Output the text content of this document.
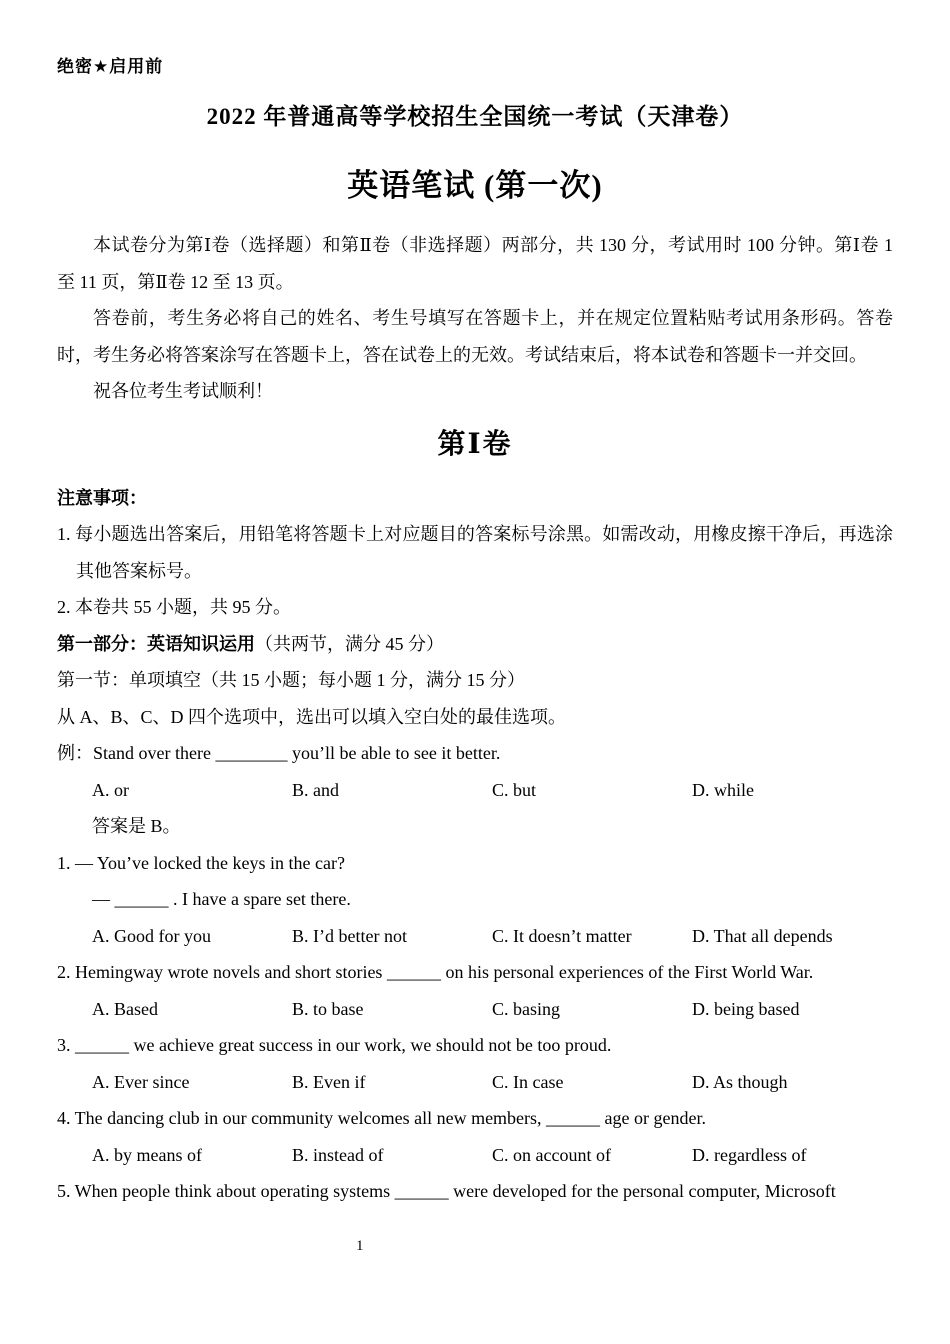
绝密★启用前
2022 年普通高等学校招生全国统一考试（天津卷）
英语笔试 (第一次)

本试卷分为第Ⅰ卷（选择题）和第Ⅱ卷（非选择题）两部分，共 130 分，考试用时 100 分钟。第Ⅰ卷 1 至 11 页，第Ⅱ卷 12 至 13 页。

答卷前，考生务必将自己的姓名、考生号填写在答题卡上，并在规定位置粘贴考试用条形码。答卷时，考生务必将答案涂写在答题卡上，答在试卷上的无效。考试结束后，将本试卷和答题卡一并交回。

祝各位考生考试顺利！

第Ⅰ卷

注意事项：

1. 每小题选出答案后，用铅笔将答题卡上对应题目的答案标号涂黑。如需改动，用橡皮擦干净后，再选涂其他答案标号。

2. 本卷共 55 小题，共 95 分。

第一部分：英语知识运用（共两节，满分 45 分）

第一节：单项填空（共 15 小题；每小题 1 分，满分 15 分）

从 A、B、C、D 四个选项中，选出可以填入空白处的最佳选项。

例：Stand over there ________ you’ll be able to see it better.

A. or	B. and	C. but	D. while

答案是 B。

1. — You’ve locked the keys in the car?

— ______ . I have a spare set there.

A. Good for you	B. I’d better not	C. It doesn’t matter	D. That all depends

2. Hemingway wrote novels and short stories ______ on his personal experiences of the First World War.

A. Based	B. to base	C. basing	D. being based

3. ______ we achieve great success in our work, we should not be too proud.

A. Ever since	B. Even if	C. In case	D. As though

4. The dancing club in our community welcomes all new members, ______ age or gender.

A. by means of	B. instead of	C. on account of	D. regardless of

5. When people think about operating systems ______ were developed for the personal computer, Microsoft

1
